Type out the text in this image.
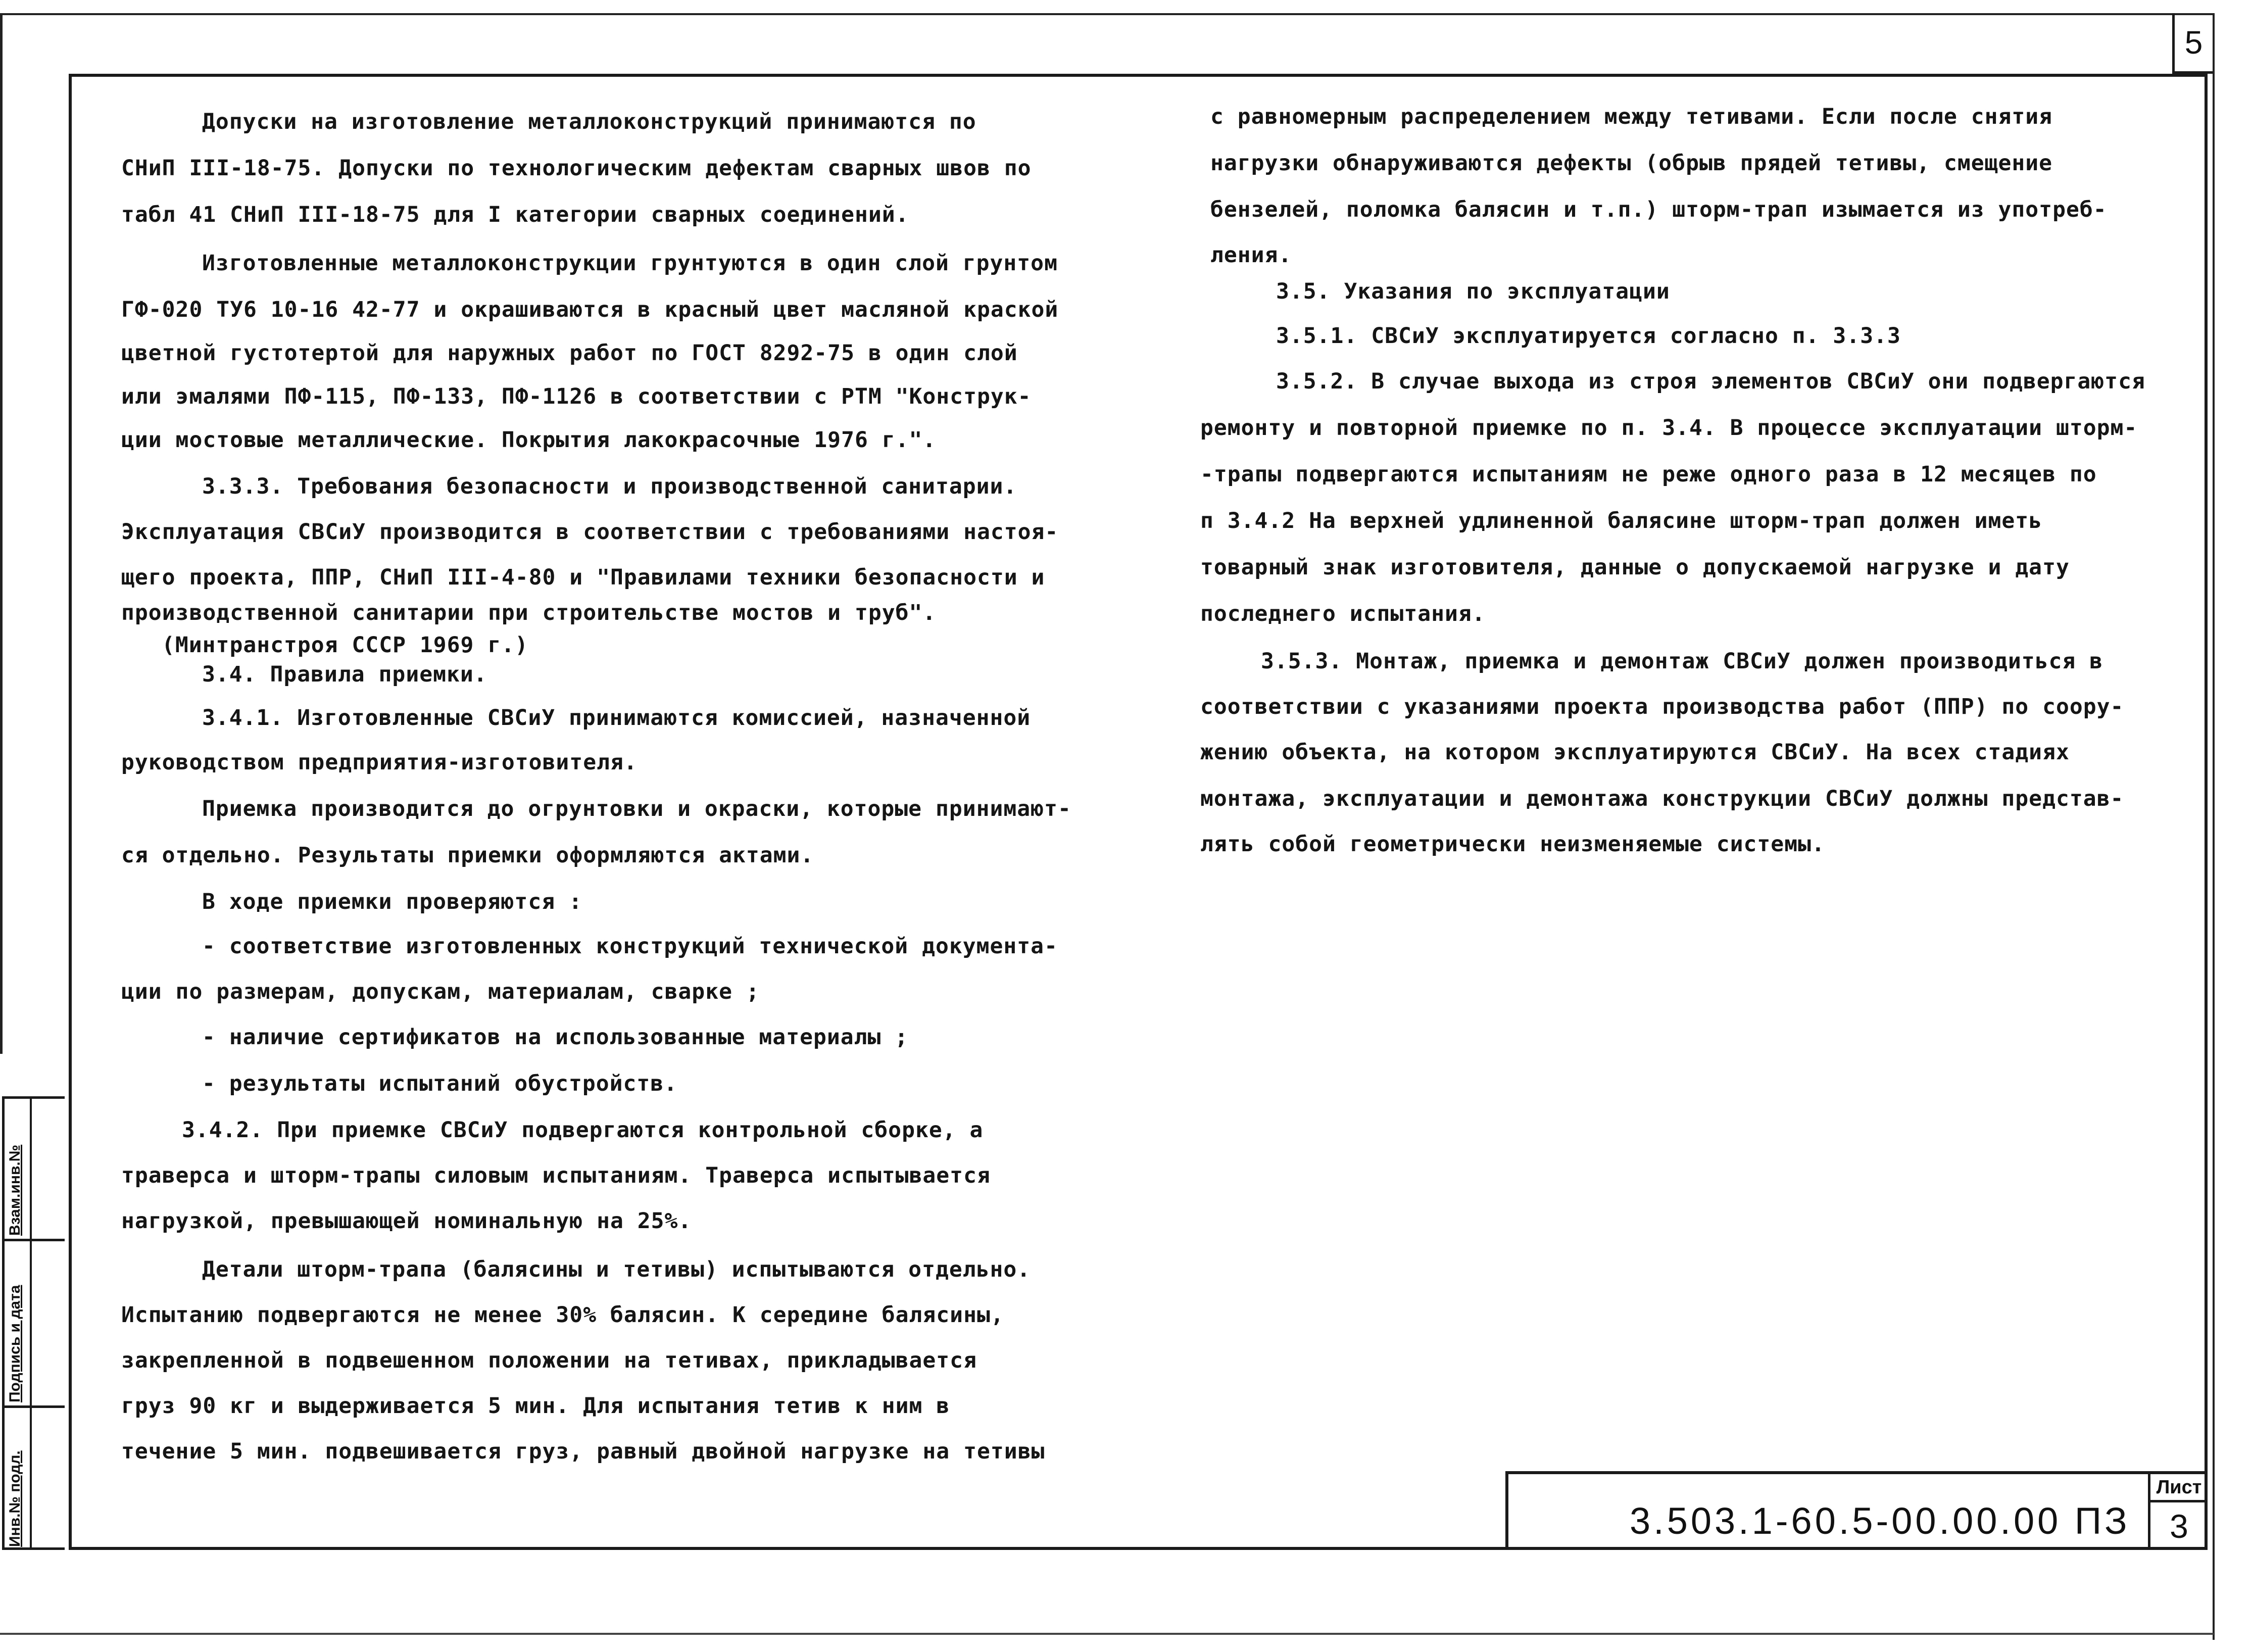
5
Взам.инв.№
Подпись и дата
Инв.№ подл.
Допуски на изготовление металлоконструкций принимаются по
СНиП III-18-75. Допуски по технологическим дефектам сварных швов по
табл 41 СНиП III-18-75 для I категории сварных соединений.
Изготовленные металлоконструкции грунтуются в один слой грунтом
ГФ-020 ТУ6 10-16 42-77 и окрашиваются в красный цвет масляной краской
цветной густотертой для наружных работ по ГОСТ 8292-75 в один слой
или эмалями ПФ-115, ПФ-133, ПФ-1126 в соответствии с РТМ "Конструк-
ции мостовые металлические. Покрытия лакокрасочные 1976 г.".
3.3.3. Требования безопасности и производственной санитарии.
Эксплуатация СВСиУ производится в соответствии с требованиями настоя-
щего проекта, ППР, СНиП III-4-80 и "Правилами техники безопасности и
производственной санитарии при строительстве мостов и труб".
(Минтранстроя СССР 1969 г.)
3.4. Правила приемки.
3.4.1. Изготовленные СВСиУ принимаются комиссией, назначенной
руководством предприятия-изготовителя.
Приемка производится до огрунтовки и окраски, которые принимают-
ся отдельно. Результаты приемки оформляются актами.
В ходе приемки проверяются :
- соответствие изготовленных конструкций технической документа-
ции по размерам, допускам, материалам, сварке ;
- наличие сертификатов на использованные материалы ;
- результаты испытаний обустройств.
3.4.2. При приемке СВСиУ подвергаются контрольной сборке, а
траверса и шторм-трапы силовым испытаниям. Траверса испытывается
нагрузкой, превышающей номинальную на 25%.
Детали шторм-трапа (балясины и тетивы) испытываются отдельно.
Испытанию подвергаются не менее 30% балясин. К середине балясины,
закрепленной в подвешенном положении на тетивах, прикладывается
груз 90 кг и выдерживается 5 мин. Для испытания тетив к ним в
течение 5 мин. подвешивается груз, равный двойной нагрузке на тетивы
с равномерным распределением между тетивами. Если после снятия
нагрузки обнаруживаются дефекты (обрыв прядей тетивы, смещение
бензелей, поломка балясин и т.п.) шторм-трап изымается из употреб-
ления.
3.5. Указания по эксплуатации
3.5.1. СВСиУ эксплуатируется согласно п. 3.3.3
3.5.2. В случае выхода из строя элементов СВСиУ они подвергаются
ремонту и повторной приемке по п. 3.4. В процессе эксплуатации шторм-
-трапы подвергаются испытаниям не реже одного раза в 12 месяцев по
п 3.4.2 На верхней удлиненной балясине шторм-трап должен иметь
товарный знак изготовителя, данные о допускаемой нагрузке и дату
последнего испытания.
3.5.3. Монтаж, приемка и демонтаж СВСиУ должен производиться в
соответствии с указаниями проекта производства работ (ППР) по соору-
жению объекта, на котором эксплуатируются СВСиУ. На всех стадиях
монтажа, эксплуатации и демонтажа конструкции СВСиУ должны представ-
лять собой геометрически неизменяемые системы.
3.503.1-60.5-00.00.00 ПЗ
Лист
3
